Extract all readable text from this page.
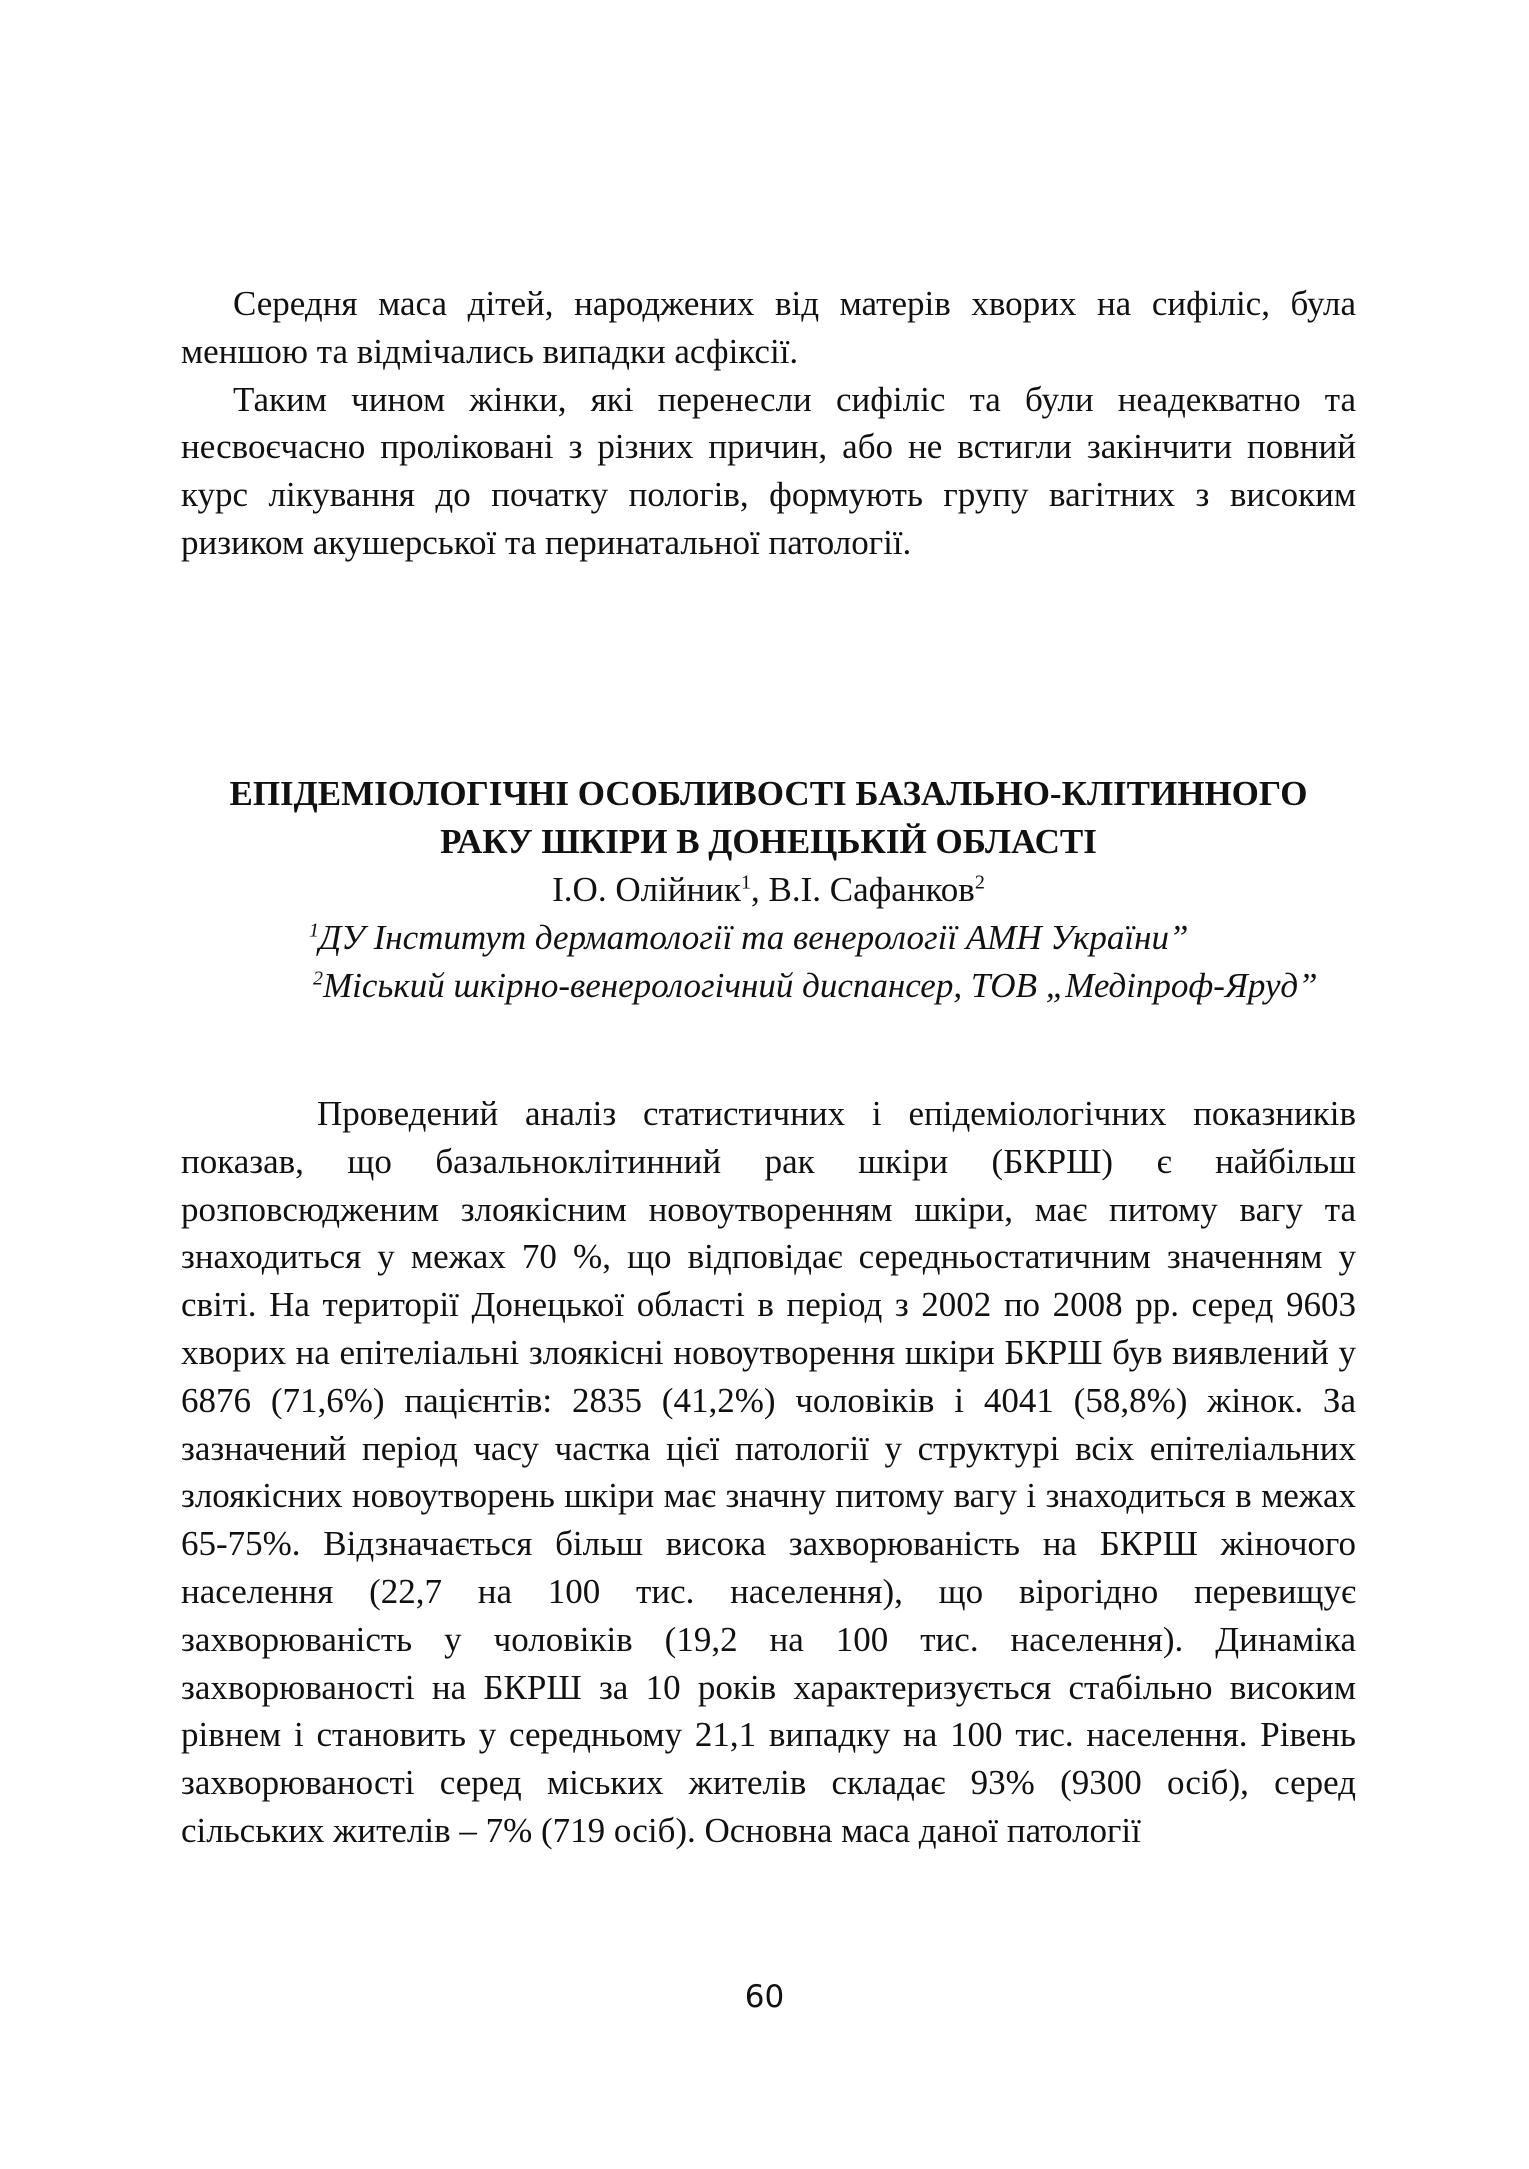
Середня маса дітей, народжених від матерів хворих на сифіліс, була меншою та відмічались випадки асфіксії.

Таким чином жінки, які перенесли сифіліс та були неадекватно та несвоєчасно проліковані з різних причин, або не встигли закінчити повний курс лікування до початку пологів, формують групу вагітних з високим ризиком акушерської та перинатальної патології.

ЕПІДЕМІОЛОГІЧНІ ОСОБЛИВОСТІ БАЗАЛЬНО-КЛІТИННОГО

РАКУ ШКІРИ В ДОНЕЦЬКІЙ ОБЛАСТІ

І.О. Олійник$^1$, В.І. Сафанков$^2$

$^1$ДУ Інститут дерматології та венерології АМН України”

$^2$Міський шкірно-венерологічний диспансер, ТОВ „Медіпроф-Яруд”

Проведений аналіз статистичних і епідеміологічних показників показав, що базальноклітинний рак шкіри (БКРШ) є найбільш розповсюдженим злоякісним новоутворенням шкіри, має питому вагу та знаходиться у межах 70 %, що відповідає середньостатичним значенням у світі. На території Донецької області в період з 2002 по 2008 рр. серед 9603 хворих на епітеліальні злоякісні новоутворення шкіри БКРШ був виявлений у 6876 (71,6%) пацієнтів: 2835 (41,2%) чоловіків і 4041 (58,8%) жінок. За зазначений період часу частка цієї патології у структурі всіх епітеліальних злоякісних новоутворень шкіри має значну питому вагу і знаходиться в межах 65-75%. Відзначається більш висока захворюваність на БКРШ жіночого населення (22,7 на 100 тис. населення), що вірогідно перевищує захворюваність у чоловіків (19,2 на 100 тис. населення). Динаміка захворюваності на БКРШ за 10 років характеризується стабільно високим рівнем і становить у середньому 21,1 випадку на 100 тис. населення. Рівень захворюваності серед міських жителів складає 93% (9300 осіб), серед сільських жителів – 7% (719 осіб). Основна маса даної патології

60
